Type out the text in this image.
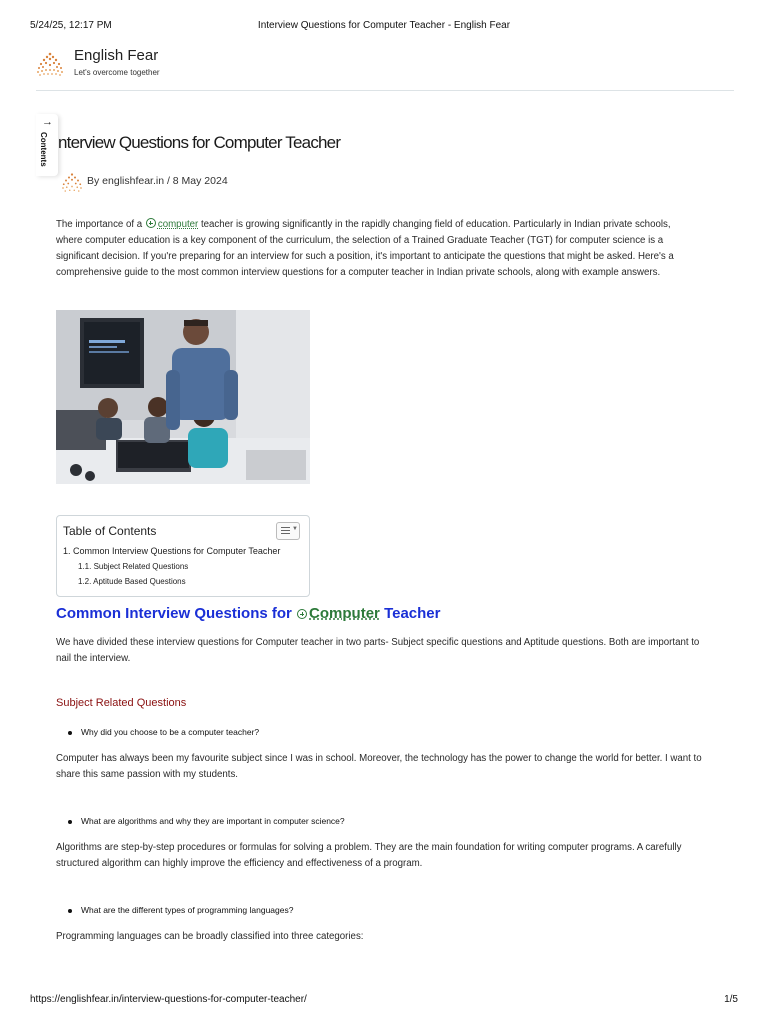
5/24/25, 12:17 PM	Interview Questions for Computer Teacher - English Fear
English Fear
Let's overcome together
→
Contents nterview Questions for Computer Teacher
By englishfear.in / 8 May 2024
The importance of a computer teacher is growing significantly in the rapidly changing field of education. Particularly in Indian private schools,
where computer education is a key component of the curriculum, the selection of a Trained Graduate Teacher (TGT) for computer science is a
significant decision. If you're preparing for an interview for such a position, it's important to anticipate the questions that might be asked. Here's a
comprehensive guide to the most common interview questions for a computer teacher in Indian private schools, along with example answers.
Table of Contents	▼
1. Common Interview Questions for Computer Teacher
1.1. Subject Related Questions
1.2. Aptitude Based Questions
Common Interview Questions for Computer Teacher
We have divided these interview questions for Computer teacher in two parts- Subject specific questions and Aptitude questions. Both are important to
nail the interview.
Subject Related Questions
Why did you choose to be a computer teacher?
Computer has always been my favourite subject since I was in school. Moreover, the technology has the power to change the world for better. I want to
share this same passion with my students.
What are algorithms and why they are important in computer science?
Algorithms are step-by-step procedures or formulas for solving a problem. They are the main foundation for writing computer programs. A carefully
structured algorithm can highly improve the efficiency and effectiveness of a program.
What are the different types of programming languages?
Programming languages can be broadly classified into three categories:
https://englishfear.in/interview-questions-for-computer-teacher/	1/5
